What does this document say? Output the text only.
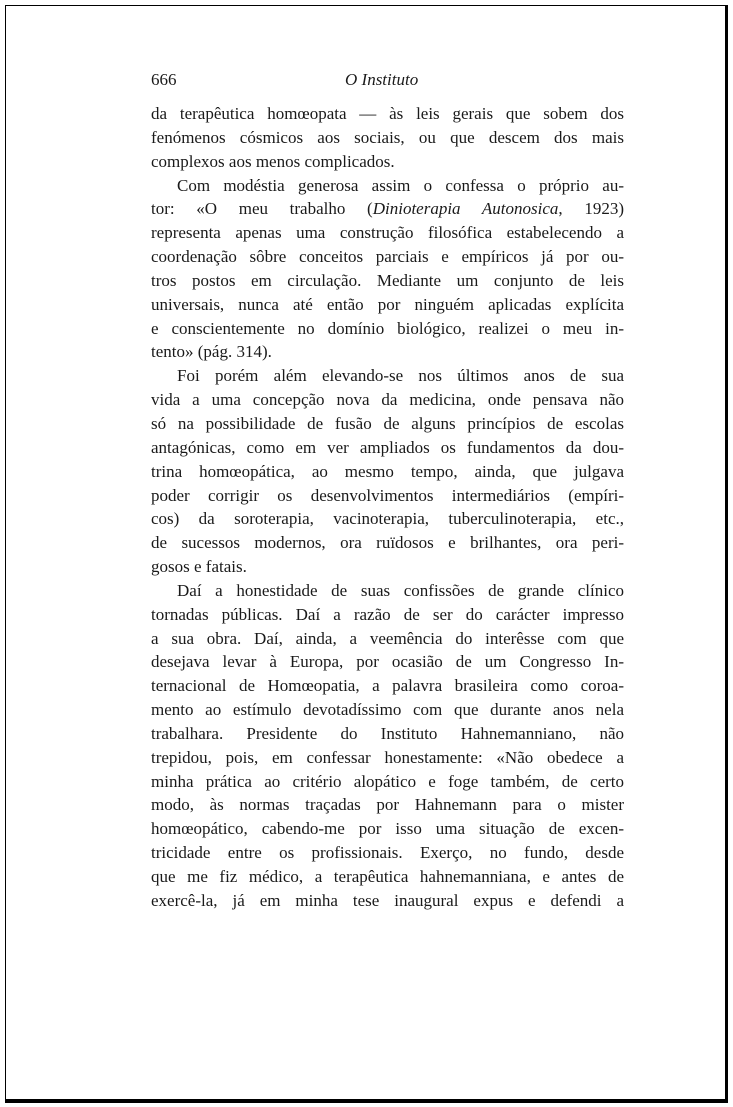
666	O Instituto

da terapêutica homœopata — às leis gerais que sobem dos
fenómenos cósmicos aos sociais, ou que descem dos mais
complexos aos menos complicados.

Com modéstia generosa assim o confessa o próprio au-
tor: «O meu trabalho (Dinioterapia Autonosica, 1923)
representa apenas uma construção filosófica estabelecendo a
coordenação sôbre conceitos parciais e empíricos já por ou-
tros postos em circulação. Mediante um conjunto de leis
universais, nunca até então por ninguém aplicadas explícita
e conscientemente no domínio biológico, realizei o meu in-
tento» (pág. 314).

Foi porém além elevando-se nos últimos anos de sua
vida a uma concepção nova da medicina, onde pensava não
só na possibilidade de fusão de alguns princípios de escolas
antagónicas, como em ver ampliados os fundamentos da dou-
trina homœopática, ao mesmo tempo, ainda, que julgava
poder corrigir os desenvolvimentos intermediários (empíri-
cos) da soroterapia, vacinoterapia, tuberculinoterapia, etc.,
de sucessos modernos, ora ruïdosos e brilhantes, ora peri-
gosos e fatais.

Daí a honestidade de suas confissões de grande clínico
tornadas públicas. Daí a razão de ser do carácter impresso
a sua obra. Daí, ainda, a veemência do interêsse com que
desejava levar à Europa, por ocasião de um Congresso In-
ternacional de Homœopatia, a palavra brasileira como coroa-
mento ao estímulo devotadíssimo com que durante anos nela
trabalhara. Presidente do Instituto Hahnemanniano, não
trepidou, pois, em confessar honestamente: «Não obedece a
minha prática ao critério alopático e foge também, de certo
modo, às normas traçadas por Hahnemann para o mister
homœopático, cabendo-me por isso uma situação de excen-
tricidade entre os profissionais. Exerço, no fundo, desde
que me fiz médico, a terapêutica hahnemanniana, e antes de
exercê-la, já em minha tese inaugural expus e defendi a
